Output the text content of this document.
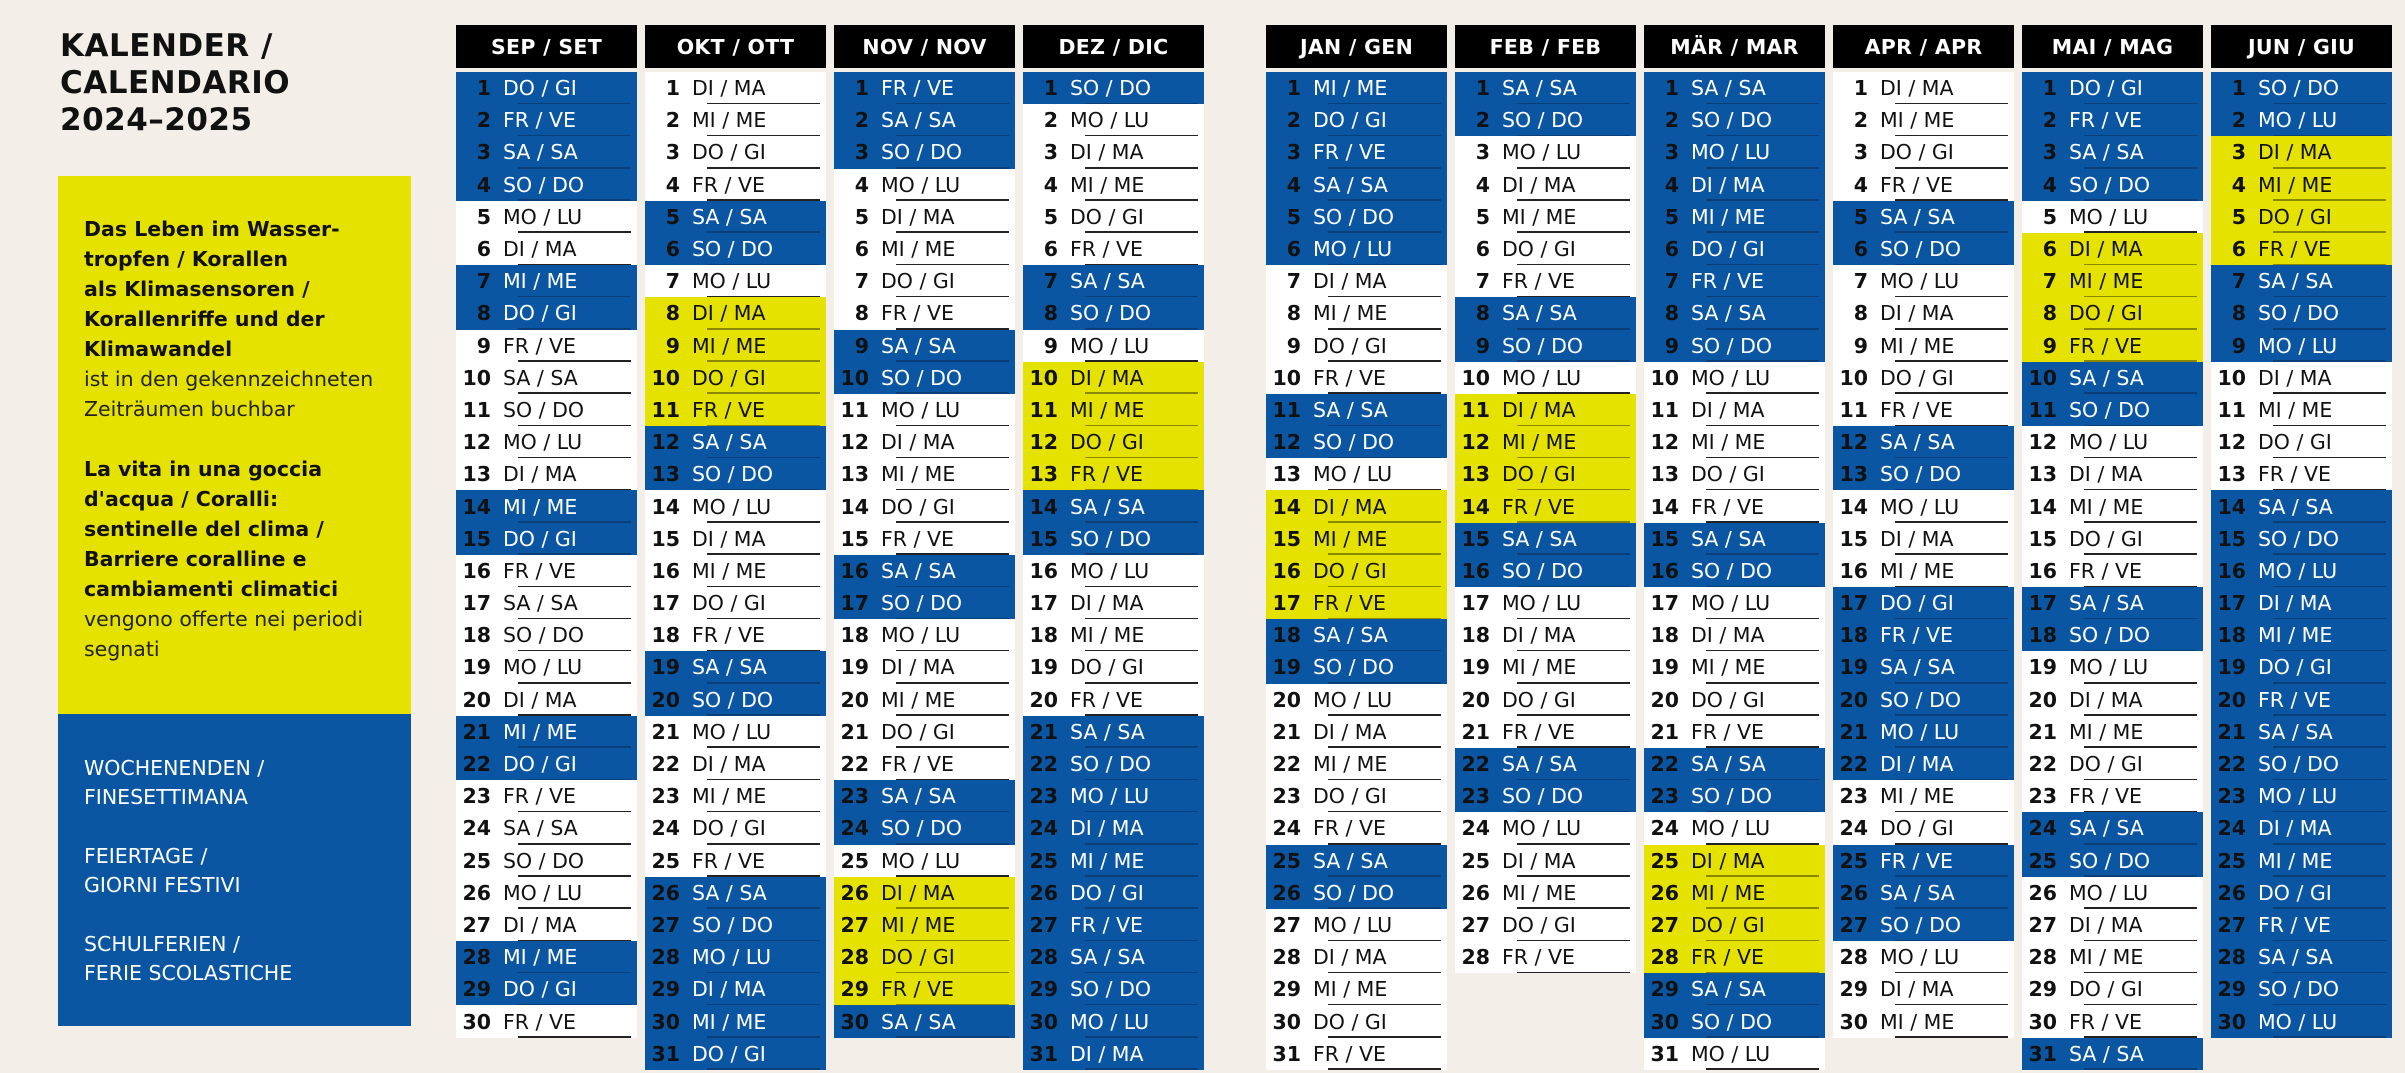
KALENDER /
CALENDARIO
2024–2025
Das Leben im Wasser-
tropfen / Korallen
als Klimasensoren /
Korallenriffe und der
Klimawandel
ist in den gekennzeichneten
Zeiträumen buchbar
La vita in una goccia
d'acqua / Coralli:
sentinelle del clima /
Barriere coralline e
cambiamenti climatici
vengono offerte nei periodi
segnati
WOCHENENDEN /
FINESETTIMANA
FEIERTAGE /
GIORNI FESTIVI
SCHULFERIEN /
FERIE SCOLASTICHE
SEP / SET
1 DO / GI
2 FR / VE
3 SA / SA
4 SO / DO
5 MO / LU
6 DI / MA
7 MI / ME
8 DO / GI
9 FR / VE
10 SA / SA
11 SO / DO
12 MO / LU
13 DI / MA
14 MI / ME
15 DO / GI
16 FR / VE
17 SA / SA
18 SO / DO
19 MO / LU
20 DI / MA
21 MI / ME
22 DO / GI
23 FR / VE
24 SA / SA
25 SO / DO
26 MO / LU
27 DI / MA
28 MI / ME
29 DO / GI
30 FR / VE
OKT / OTT
1 DI / MA
2 MI / ME
3 DO / GI
4 FR / VE
5 SA / SA
6 SO / DO
7 MO / LU
8 DI / MA
9 MI / ME
10 DO / GI
11 FR / VE
12 SA / SA
13 SO / DO
14 MO / LU
15 DI / MA
16 MI / ME
17 DO / GI
18 FR / VE
19 SA / SA
20 SO / DO
21 MO / LU
22 DI / MA
23 MI / ME
24 DO / GI
25 FR / VE
26 SA / SA
27 SO / DO
28 MO / LU
29 DI / MA
30 MI / ME
31 DO / GI
NOV / NOV
1 FR / VE
2 SA / SA
3 SO / DO
4 MO / LU
5 DI / MA
6 MI / ME
7 DO / GI
8 FR / VE
9 SA / SA
10 SO / DO
11 MO / LU
12 DI / MA
13 MI / ME
14 DO / GI
15 FR / VE
16 SA / SA
17 SO / DO
18 MO / LU
19 DI / MA
20 MI / ME
21 DO / GI
22 FR / VE
23 SA / SA
24 SO / DO
25 MO / LU
26 DI / MA
27 MI / ME
28 DO / GI
29 FR / VE
30 SA / SA
DEZ / DIC
1 SO / DO
2 MO / LU
3 DI / MA
4 MI / ME
5 DO / GI
6 FR / VE
7 SA / SA
8 SO / DO
9 MO / LU
10 DI / MA
11 MI / ME
12 DO / GI
13 FR / VE
14 SA / SA
15 SO / DO
16 MO / LU
17 DI / MA
18 MI / ME
19 DO / GI
20 FR / VE
21 SA / SA
22 SO / DO
23 MO / LU
24 DI / MA
25 MI / ME
26 DO / GI
27 FR / VE
28 SA / SA
29 SO / DO
30 MO / LU
31 DI / MA
JAN / GEN
1 MI / ME
2 DO / GI
3 FR / VE
4 SA / SA
5 SO / DO
6 MO / LU
7 DI / MA
8 MI / ME
9 DO / GI
10 FR / VE
11 SA / SA
12 SO / DO
13 MO / LU
14 DI / MA
15 MI / ME
16 DO / GI
17 FR / VE
18 SA / SA
19 SO / DO
20 MO / LU
21 DI / MA
22 MI / ME
23 DO / GI
24 FR / VE
25 SA / SA
26 SO / DO
27 MO / LU
28 DI / MA
29 MI / ME
30 DO / GI
31 FR / VE
FEB / FEB
1 SA / SA
2 SO / DO
3 MO / LU
4 DI / MA
5 MI / ME
6 DO / GI
7 FR / VE
8 SA / SA
9 SO / DO
10 MO / LU
11 DI / MA
12 MI / ME
13 DO / GI
14 FR / VE
15 SA / SA
16 SO / DO
17 MO / LU
18 DI / MA
19 MI / ME
20 DO / GI
21 FR / VE
22 SA / SA
23 SO / DO
24 MO / LU
25 DI / MA
26 MI / ME
27 DO / GI
28 FR / VE
MÄR / MAR
1 SA / SA
2 SO / DO
3 MO / LU
4 DI / MA
5 MI / ME
6 DO / GI
7 FR / VE
8 SA / SA
9 SO / DO
10 MO / LU
11 DI / MA
12 MI / ME
13 DO / GI
14 FR / VE
15 SA / SA
16 SO / DO
17 MO / LU
18 DI / MA
19 MI / ME
20 DO / GI
21 FR / VE
22 SA / SA
23 SO / DO
24 MO / LU
25 DI / MA
26 MI / ME
27 DO / GI
28 FR / VE
29 SA / SA
30 SO / DO
31 MO / LU
APR / APR
1 DI / MA
2 MI / ME
3 DO / GI
4 FR / VE
5 SA / SA
6 SO / DO
7 MO / LU
8 DI / MA
9 MI / ME
10 DO / GI
11 FR / VE
12 SA / SA
13 SO / DO
14 MO / LU
15 DI / MA
16 MI / ME
17 DO / GI
18 FR / VE
19 SA / SA
20 SO / DO
21 MO / LU
22 DI / MA
23 MI / ME
24 DO / GI
25 FR / VE
26 SA / SA
27 SO / DO
28 MO / LU
29 DI / MA
30 MI / ME
MAI / MAG
1 DO / GI
2 FR / VE
3 SA / SA
4 SO / DO
5 MO / LU
6 DI / MA
7 MI / ME
8 DO / GI
9 FR / VE
10 SA / SA
11 SO / DO
12 MO / LU
13 DI / MA
14 MI / ME
15 DO / GI
16 FR / VE
17 SA / SA
18 SO / DO
19 MO / LU
20 DI / MA
21 MI / ME
22 DO / GI
23 FR / VE
24 SA / SA
25 SO / DO
26 MO / LU
27 DI / MA
28 MI / ME
29 DO / GI
30 FR / VE
31 SA / SA
JUN / GIU
1 SO / DO
2 MO / LU
3 DI / MA
4 MI / ME
5 DO / GI
6 FR / VE
7 SA / SA
8 SO / DO
9 MO / LU
10 DI / MA
11 MI / ME
12 DO / GI
13 FR / VE
14 SA / SA
15 SO / DO
16 MO / LU
17 DI / MA
18 MI / ME
19 DO / GI
20 FR / VE
21 SA / SA
22 SO / DO
23 MO / LU
24 DI / MA
25 MI / ME
26 DO / GI
27 FR / VE
28 SA / SA
29 SO / DO
30 MO / LU
